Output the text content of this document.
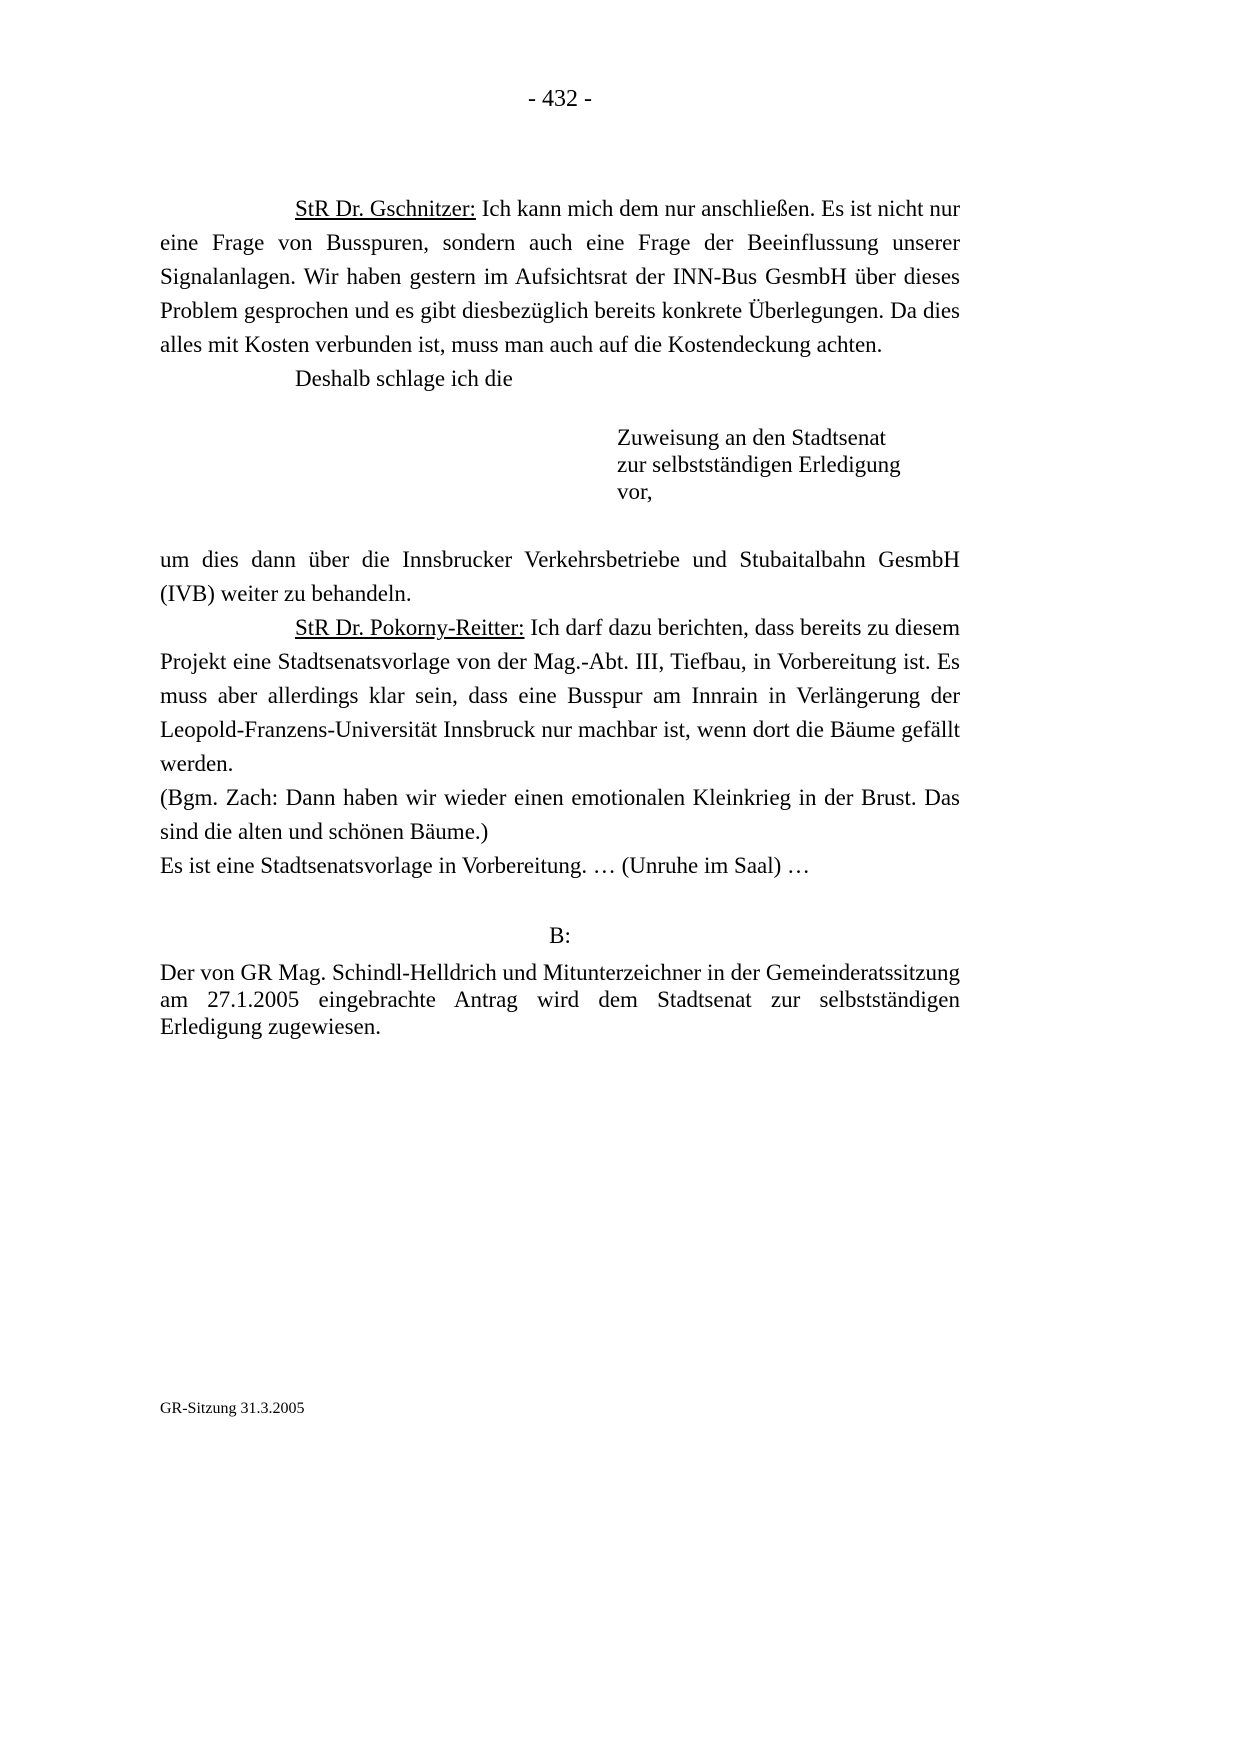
- 432 -
StR Dr. Gschnitzer: Ich kann mich dem nur anschließen. Es ist nicht nur eine Frage von Busspuren, sondern auch eine Frage der Beeinflussung unserer Signalanlagen. Wir haben gestern im Aufsichtsrat der INN-Bus GesmbH über dieses Problem gesprochen und es gibt diesbezüglich bereits konkrete Überlegungen. Da dies alles mit Kosten verbunden ist, muss man auch auf die Kostendeckung achten.
Deshalb schlage ich die
Zuweisung an den Stadtsenat
zur selbstständigen Erledigung
vor,
um dies dann über die Innsbrucker Verkehrsbetriebe und Stubaitalbahn GesmbH (IVB) weiter zu behandeln.
StR Dr. Pokorny-Reitter: Ich darf dazu berichten, dass bereits zu diesem Projekt eine Stadtsenatsvorlage von der Mag.-Abt. III, Tiefbau, in Vorbereitung ist. Es muss aber allerdings klar sein, dass eine Busspur am Innrain in Verlängerung der Leopold-Franzens-Universität Innsbruck nur machbar ist, wenn dort die Bäume gefällt werden.
(Bgm. Zach: Dann haben wir wieder einen emotionalen Kleinkrieg in der Brust. Das sind die alten und schönen Bäume.)
Es ist eine Stadtsenatsvorlage in Vorbereitung. … (Unruhe im Saal) …
B:
Der von GR Mag. Schindl-Helldrich und Mitunterzeichner in der Gemeinderatssitzung am 27.1.2005 eingebrachte Antrag wird dem Stadtsenat zur selbstständigen Erledigung zugewiesen.
GR-Sitzung 31.3.2005
